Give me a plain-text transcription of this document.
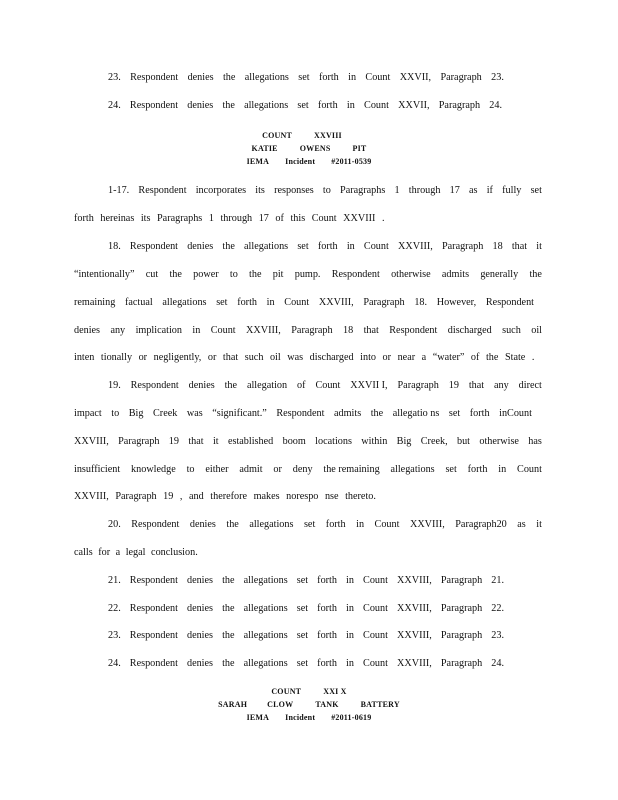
23. Respondent denies the allegations set forth in Count XXVII, Paragraph 23.
24. Respondent denies the allegations set forth in Count XXVII, Paragraph 24.
COUNT	XXVIII
KATIE	OWENS	PIT
IEMA Incident #2011-0539
1-17. Respondent incorporates its responses to Paragraphs 1 through 17 as if fully set
forth hereinas its Paragraphs 1 through 17 of this Count XXVIII .
18. Respondent denies the allegations set forth in Count XXVIII, Paragraph 18 that it
“intentionally” cut the power to the pit pump. Respondent otherwise admits generally the
remaining factual allegations set forth in Count XXVIII, Paragraph 18. However, Respondent
denies any implication in Count XXVIII, Paragraph 18 that Respondent discharged such oil
inten tionally or negligently, or that such oil was discharged into or near a “water” of the State .
19. Respondent denies the allegation of Count XXVII I, Paragraph 19 that any direct
impact to Big Creek was “significant.” Respondent admits the allegatio ns set forth inCount
XXVIII, Paragraph 19 that it established boom locations within Big Creek, but otherwise has
insufficient knowledge to either admit or deny the remaining allegations set forth in Count
XXVIII, Paragraph 19 , and therefore makes norespo nse thereto.
20. Respondent denies the allegations set forth in Count XXVIII, Paragraph20 as it
calls for a legal conclusion.
21. Respondent denies the allegations set forth in Count XXVIII, Paragraph 21.
22. Respondent denies the allegations set forth in Count XXVIII, Paragraph 22.
23. Respondent denies the allegations set forth in Count XXVIII, Paragraph 23.
24. Respondent denies the allegations set forth in Count XXVIII, Paragraph 24.
COUNT	XXI X
SARAH	CLOW	TANK	BATTERY
IEMA Incident #2011-0619
